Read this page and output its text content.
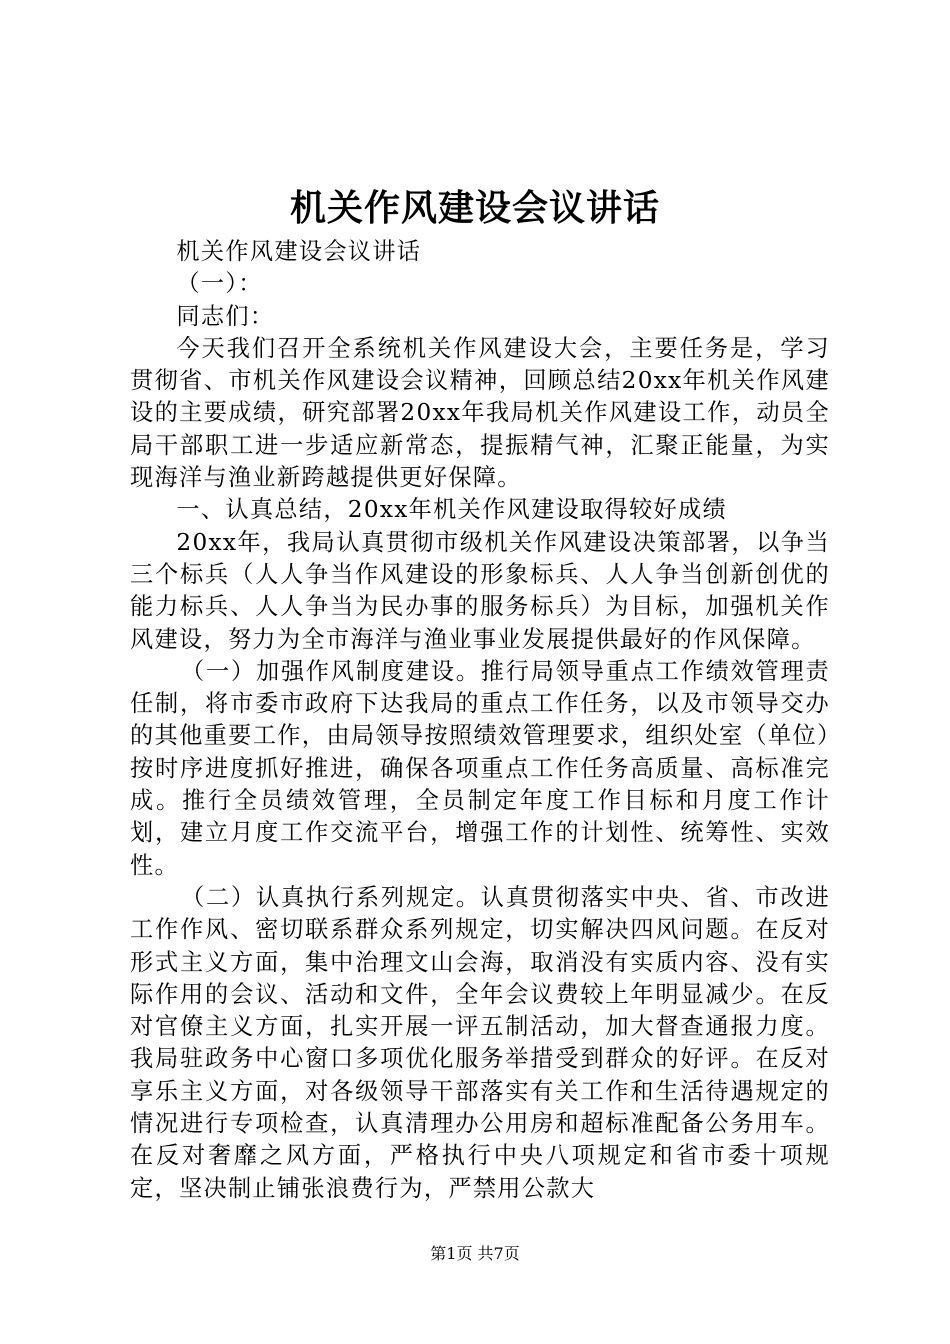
机关作风建设会议讲话

机关作风建设会议讲话

（一）：

同志们：

今天我们召开全系统机关作风建设大会，主要任务是，学习贯彻省、市机关作风建设会议精神，回顾总结20xx年机关作风建设的主要成绩，研究部署20xx年我局机关作风建设工作，动员全局干部职工进一步适应新常态，提振精气神，汇聚正能量，为实现海洋与渔业新跨越提供更好保障。

一、认真总结，20xx年机关作风建设取得较好成绩

20xx年，我局认真贯彻市级机关作风建设决策部署，以争当三个标兵（人人争当作风建设的形象标兵、人人争当创新创优的能力标兵、人人争当为民办事的服务标兵）为目标，加强机关作风建设，努力为全市海洋与渔业事业发展提供最好的作风保障。

（一）加强作风制度建设。推行局领导重点工作绩效管理责任制，将市委市政府下达我局的重点工作任务，以及市领导交办的其他重要工作，由局领导按照绩效管理要求，组织处室（单位）按时序进度抓好推进，确保各项重点工作任务高质量、高标准完成。推行全员绩效管理，全员制定年度工作目标和月度工作计划，建立月度工作交流平台，增强工作的计划性、统筹性、实效性。

（二）认真执行系列规定。认真贯彻落实中央、省、市改进工作作风、密切联系群众系列规定，切实解决四风问题。在反对形式主义方面，集中治理文山会海，取消没有实质内容、没有实际作用的会议、活动和文件，全年会议费较上年明显减少。在反对官僚主义方面，扎实开展一评五制活动，加大督查通报力度。我局驻政务中心窗口多项优化服务举措受到群众的好评。在反对享乐主义方面，对各级领导干部落实有关工作和生活待遇规定的情况进行专项检查，认真清理办公用房和超标准配备公务用车。在反对奢靡之风方面，严格执行中央八项规定和省市委十项规定，坚决制止铺张浪费行为，严禁用公款大

第1页 共7页
